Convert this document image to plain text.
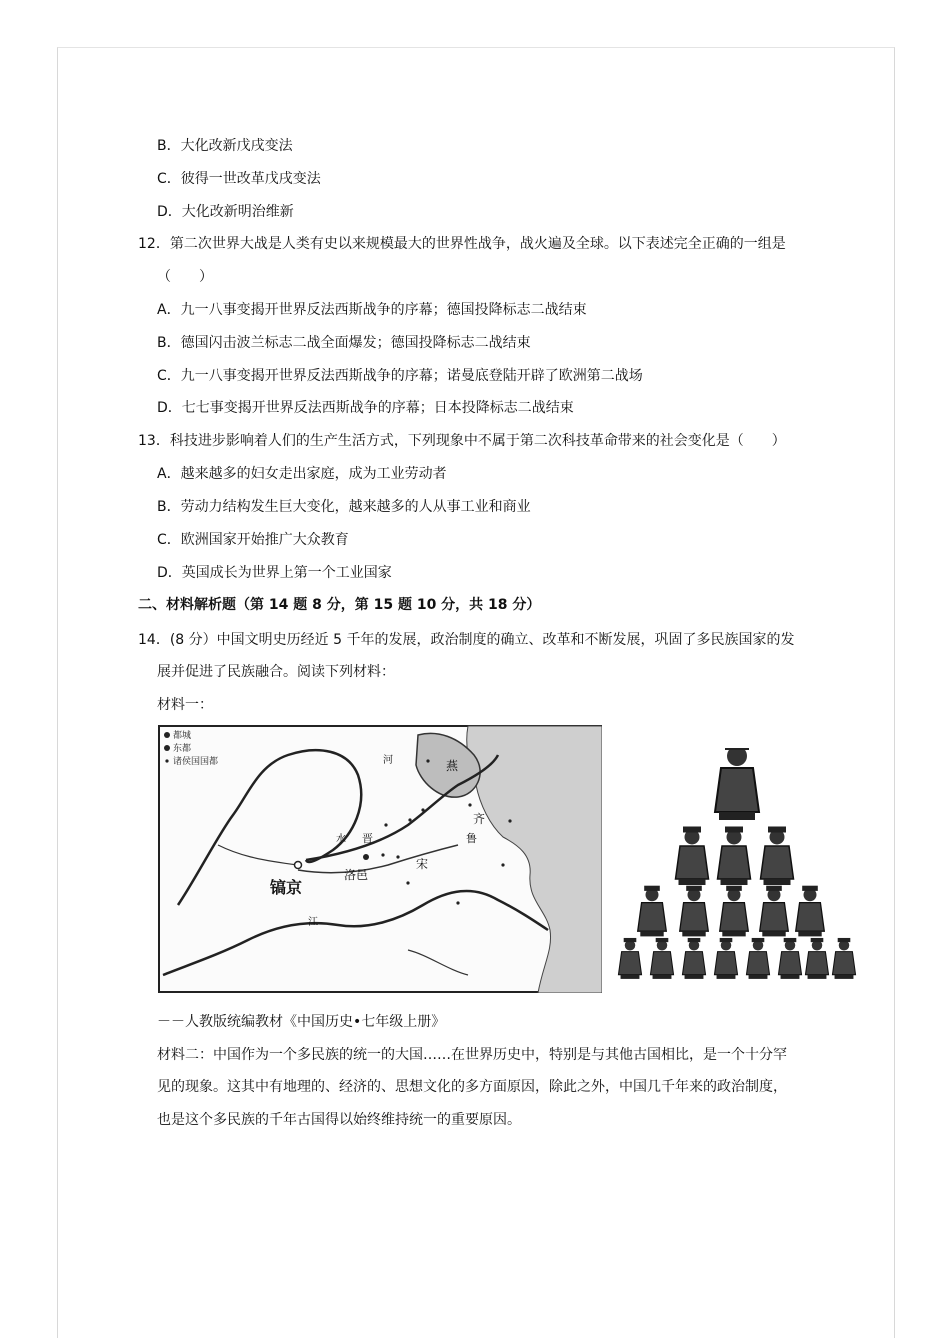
B．大化改新戊戌变法
C．彼得一世改革戊戌变法
D．大化改新明治维新
12．第二次世界大战是人类有史以来规模最大的世界性战争，战火遍及全球。以下表述完全正确的一组是
（　　）
A．九一八事变揭开世界反法西斯战争的序幕；德国投降标志二战结束
B．德国闪击波兰标志二战全面爆发；德国投降标志二战结束
C．九一八事变揭开世界反法西斯战争的序幕；诺曼底登陆开辟了欧洲第二战场
D．七七事变揭开世界反法西斯战争的序幕；日本投降标志二战结束
13．科技进步影响着人们的生产生活方式，下列现象中不属于第二次科技革命带来的社会变化是（　　）
A．越来越多的妇女走出家庭，成为工业劳动者
B．劳动力结构发生巨大变化，越来越多的人从事工业和商业
C．欧洲国家开始推广大众教育
D．英国成长为世界上第一个工业国家
二、材料解析题（第 14 题 8 分，第 15 题 10 分，共 18 分）
14．(8 分）中国文明史历经近 5 千年的发展，政治制度的确立、改革和不断发展，巩固了多民族国家的发
展并促进了民族融合。阅读下列材料：
材料一：
都城
东都
诸侯国国都
镐京
洛邑
晋
水
宋
燕
齐
鲁
河
江
－－人教版统编教材《中国历史•七年级上册》
材料二：中国作为一个多民族的统一的大国……在世界历史中，特别是与其他古国相比，是一个十分罕
见的现象。这其中有地理的、经济的、思想文化的多方面原因，除此之外，中国几千年来的政治制度，
也是这个多民族的千年古国得以始终维持统一的重要原因。
